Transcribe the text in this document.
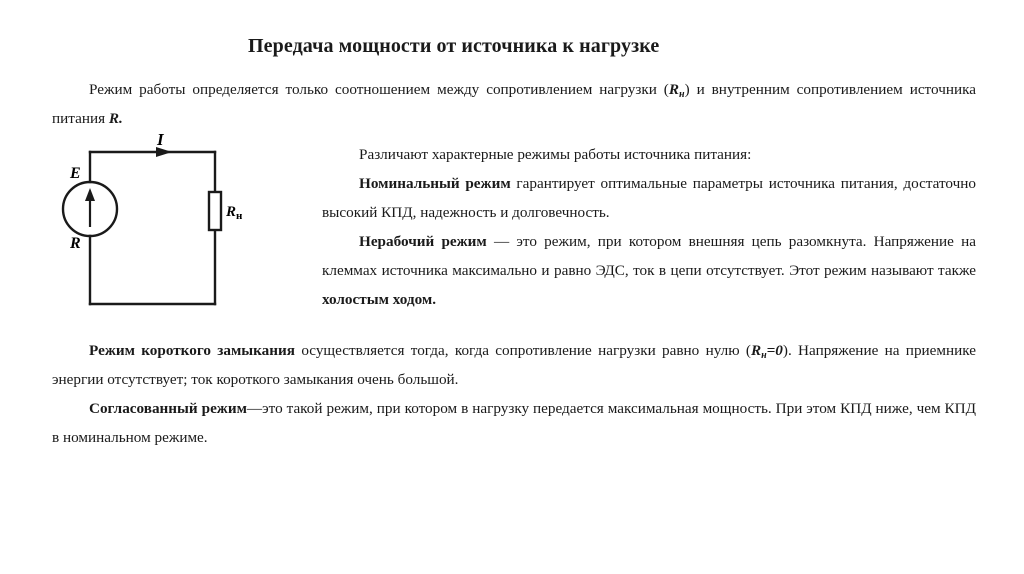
Передача мощности от источника к нагрузке
Режим работы определяется только соотношением между сопротивлением нагрузки $(R_н)$ и внутренним сопротивлением источника питания R.
I
E
R
$R_н$

Различают характерные режимы работы источника питания:

Номинальный режим гарантирует оптимальные параметры источника питания, достаточно высокий КПД, надежность и долговечность.

Нерабочий режим — это режим, при котором внешняя цепь разомкнута. Напряжение на клеммах источника максимально и равно ЭДС, ток в цепи отсутствует. Этот режим называют также холостым ходом.

Режим короткого замыкания осуществляется тогда, когда сопротивление нагрузки равно нулю $(R_н=0)$. Напряжение на приемнике энергии отсутствует; ток короткого замыкания очень большой.

Согласованный режим—это такой режим, при котором в нагрузку передается максимальная мощность. При этом КПД ниже, чем КПД в номинальном режиме.
